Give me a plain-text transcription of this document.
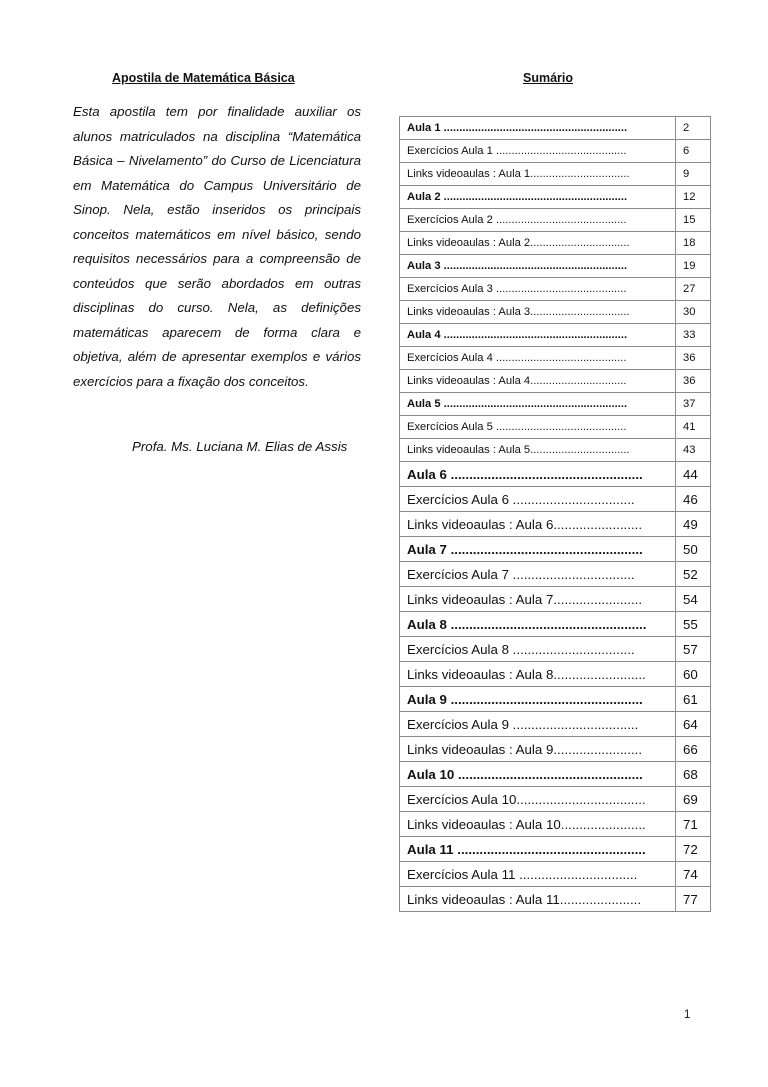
Apostila de Matemática Básica	Sumário

Esta apostila tem por finalidade auxiliar os alunos matriculados na disciplina “Matemática Básica – Nivelamento” do Curso de Licenciatura em Matemática do Campus Universitário de Sinop. Nela, estão inseridos os principais conceitos matemáticos em nível básico, sendo requisitos necessários para a compreensão de conteúdos que serão abordados em outras disciplinas do curso. Nela, as definições matemáticas aparecem de forma clara e objetiva, além de apresentar exemplos e vários exercícios para a fixação dos conceitos.

Profa. Ms. Luciana M. Elias de Assis
Aula 1 ...........................................................	2
Exercícios Aula 1 ..........................................	6
Links videoaulas : Aula 1................................	9
Aula 2 ...........................................................	12
Exercícios Aula 2 ..........................................	15
Links videoaulas : Aula 2................................	18
Aula 3 ...........................................................	19
Exercícios Aula 3 ..........................................	27
Links videoaulas : Aula 3................................	30
Aula 4 ...........................................................	33
Exercícios Aula 4 ..........................................	36
Links videoaulas : Aula 4...............................	36
Aula 5 ...........................................................	37
Exercícios Aula 5 ..........................................	41
Links videoaulas : Aula 5................................	43
Aula 6 ....................................................	44
Exercícios Aula 6 .................................	46
Links videoaulas : Aula 6........................	49
Aula 7 ....................................................	50
Exercícios Aula 7 .................................	52
Links videoaulas : Aula 7........................	54
Aula 8 .....................................................	55
Exercícios Aula 8 .................................	57
Links videoaulas : Aula 8.........................	60
Aula 9 ....................................................	61
Exercícios Aula 9 ..................................	64
Links videoaulas : Aula 9........................	66
Aula 10 ..................................................	68
Exercícios Aula 10...................................	69
Links videoaulas : Aula 10.......................	71
Aula 11 ...................................................	72
Exercícios Aula 11 ................................	74
Links videoaulas : Aula 11......................	77
1
